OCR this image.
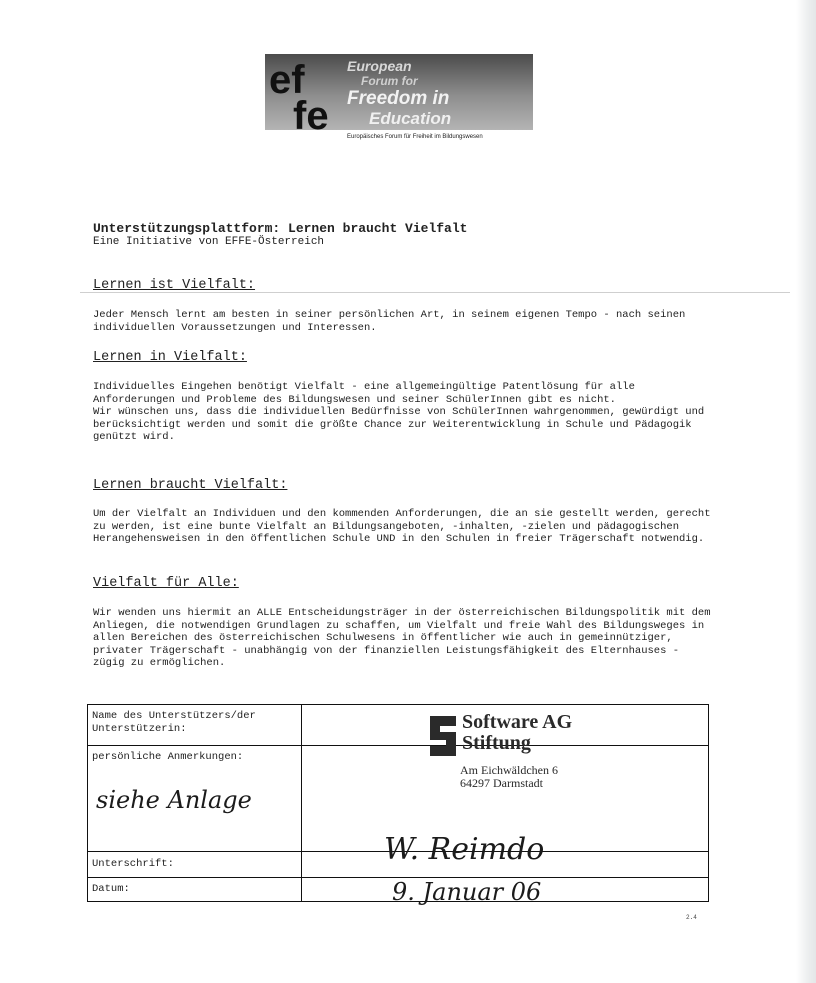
European
Forum for
Freedom in
Education
ef
fe	Europäisches Forum für Freiheit im Bildungswesen
Unterstützungsplattform: Lernen braucht Vielfalt
Eine Initiative von EFFE-Österreich
Lernen ist Vielfalt:

Jeder Mensch lernt am besten in seiner persönlichen Art, in seinem eigenen Tempo - nach seinen individuellen Voraussetzungen und Interessen.

Lernen in Vielfalt:

Individuelles Eingehen benötigt Vielfalt - eine allgemeingültige Patentlösung für alle Anforderungen und Probleme des Bildungswesen und seiner SchülerInnen gibt es nicht.

Wir wünschen uns, dass die individuellen Bedürfnisse von SchülerInnen wahrgenommen, gewürdigt und berücksichtigt werden und somit die größte Chance zur Weiterentwicklung in Schule und Pädagogik genützt wird.

Lernen braucht Vielfalt:

Um der Vielfalt an Individuen und den kommenden Anforderungen, die an sie gestellt werden, gerecht zu werden, ist eine bunte Vielfalt an Bildungsangeboten, -inhalten, -zielen und pädagogischen Herangehensweisen in den öffentlichen Schule UND in den Schulen in freier Trägerschaft notwendig.

Vielfalt für Alle:

Wir wenden uns hiermit an ALLE Entscheidungsträger in der österreichischen Bildungspolitik mit dem Anliegen, die notwendigen Grundlagen zu schaffen, um Vielfalt und freie Wahl des Bildungsweges in allen Bereichen des österreichischen Schulwesens in öffentlicher wie auch in gemeinnütziger, privater Trägerschaft - unabhängig von der finanziellen Leistungsfähigkeit des Elternhauses - zügig zu ermöglichen.

Name des Unterstützers/der Unterstützerin:
persönliche Anmerkungen:
Unterschrift:
Datum:
Software AG
Stiftung
Am Eichwäldchen 6
64297 Darmstadt
siehe Anlage
W. Reimdo
9. Januar 06
2.4
